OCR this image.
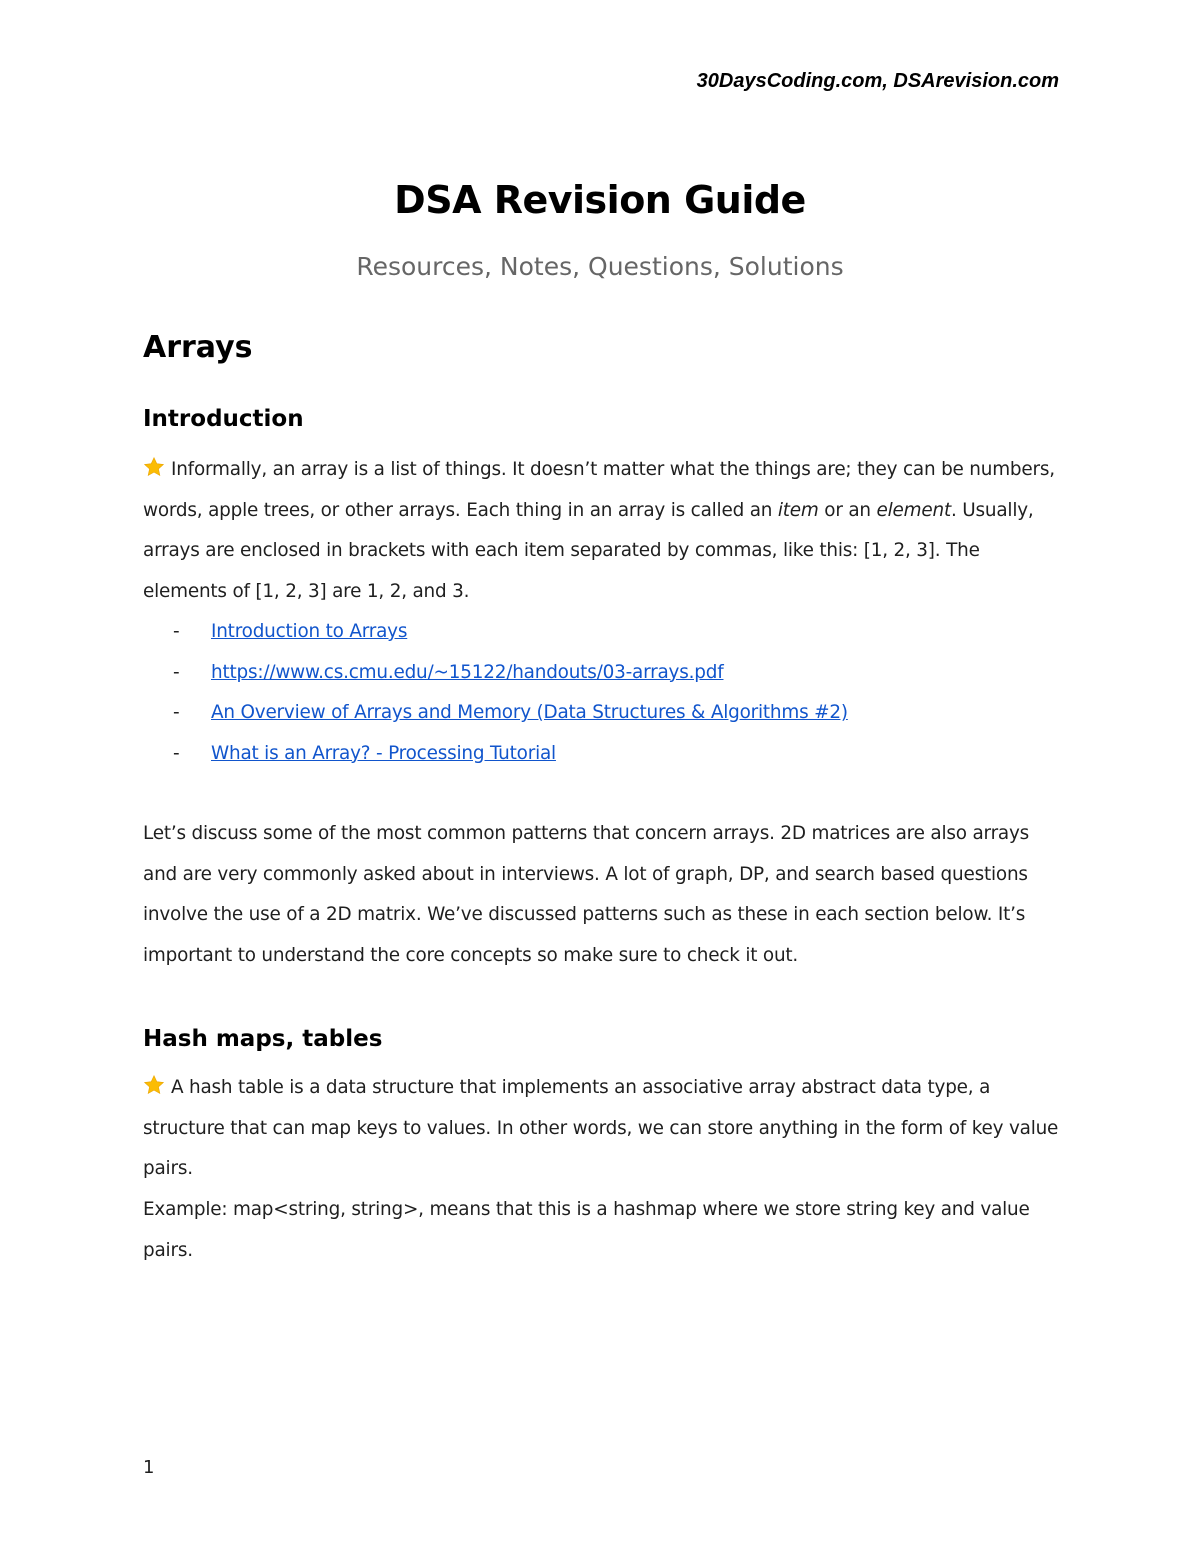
30DaysCoding.com, DSArevision.com
DSA Revision Guide
Resources, Notes, Questions, Solutions
Arrays
Introduction
Informally, an array is a list of things. It doesn’t matter what the things are; they can be numbers, words, apple trees, or other arrays. Each thing in an array is called an item or an element. Usually, arrays are enclosed in brackets with each item separated by commas, like this: [1, 2, 3]. The elements of [1, 2, 3] are 1, 2, and 3.
- Introduction to Arrays
- https://www.cs.cmu.edu/~15122/handouts/03-arrays.pdf
- An Overview of Arrays and Memory (Data Structures & Algorithms #2)
- What is an Array? - Processing Tutorial
Let’s discuss some of the most common patterns that concern arrays. 2D matrices are also arrays and are very commonly asked about in interviews. A lot of graph, DP, and search based questions involve the use of a 2D matrix. We’ve discussed patterns such as these in each section below. It’s important to understand the core concepts so make sure to check it out.
Hash maps, tables
A hash table is a data structure that implements an associative array abstract data type, a structure that can map keys to values. In other words, we can store anything in the form of key value pairs.
Example: map<string, string>, means that this is a hashmap where we store string key and value pairs.
1
